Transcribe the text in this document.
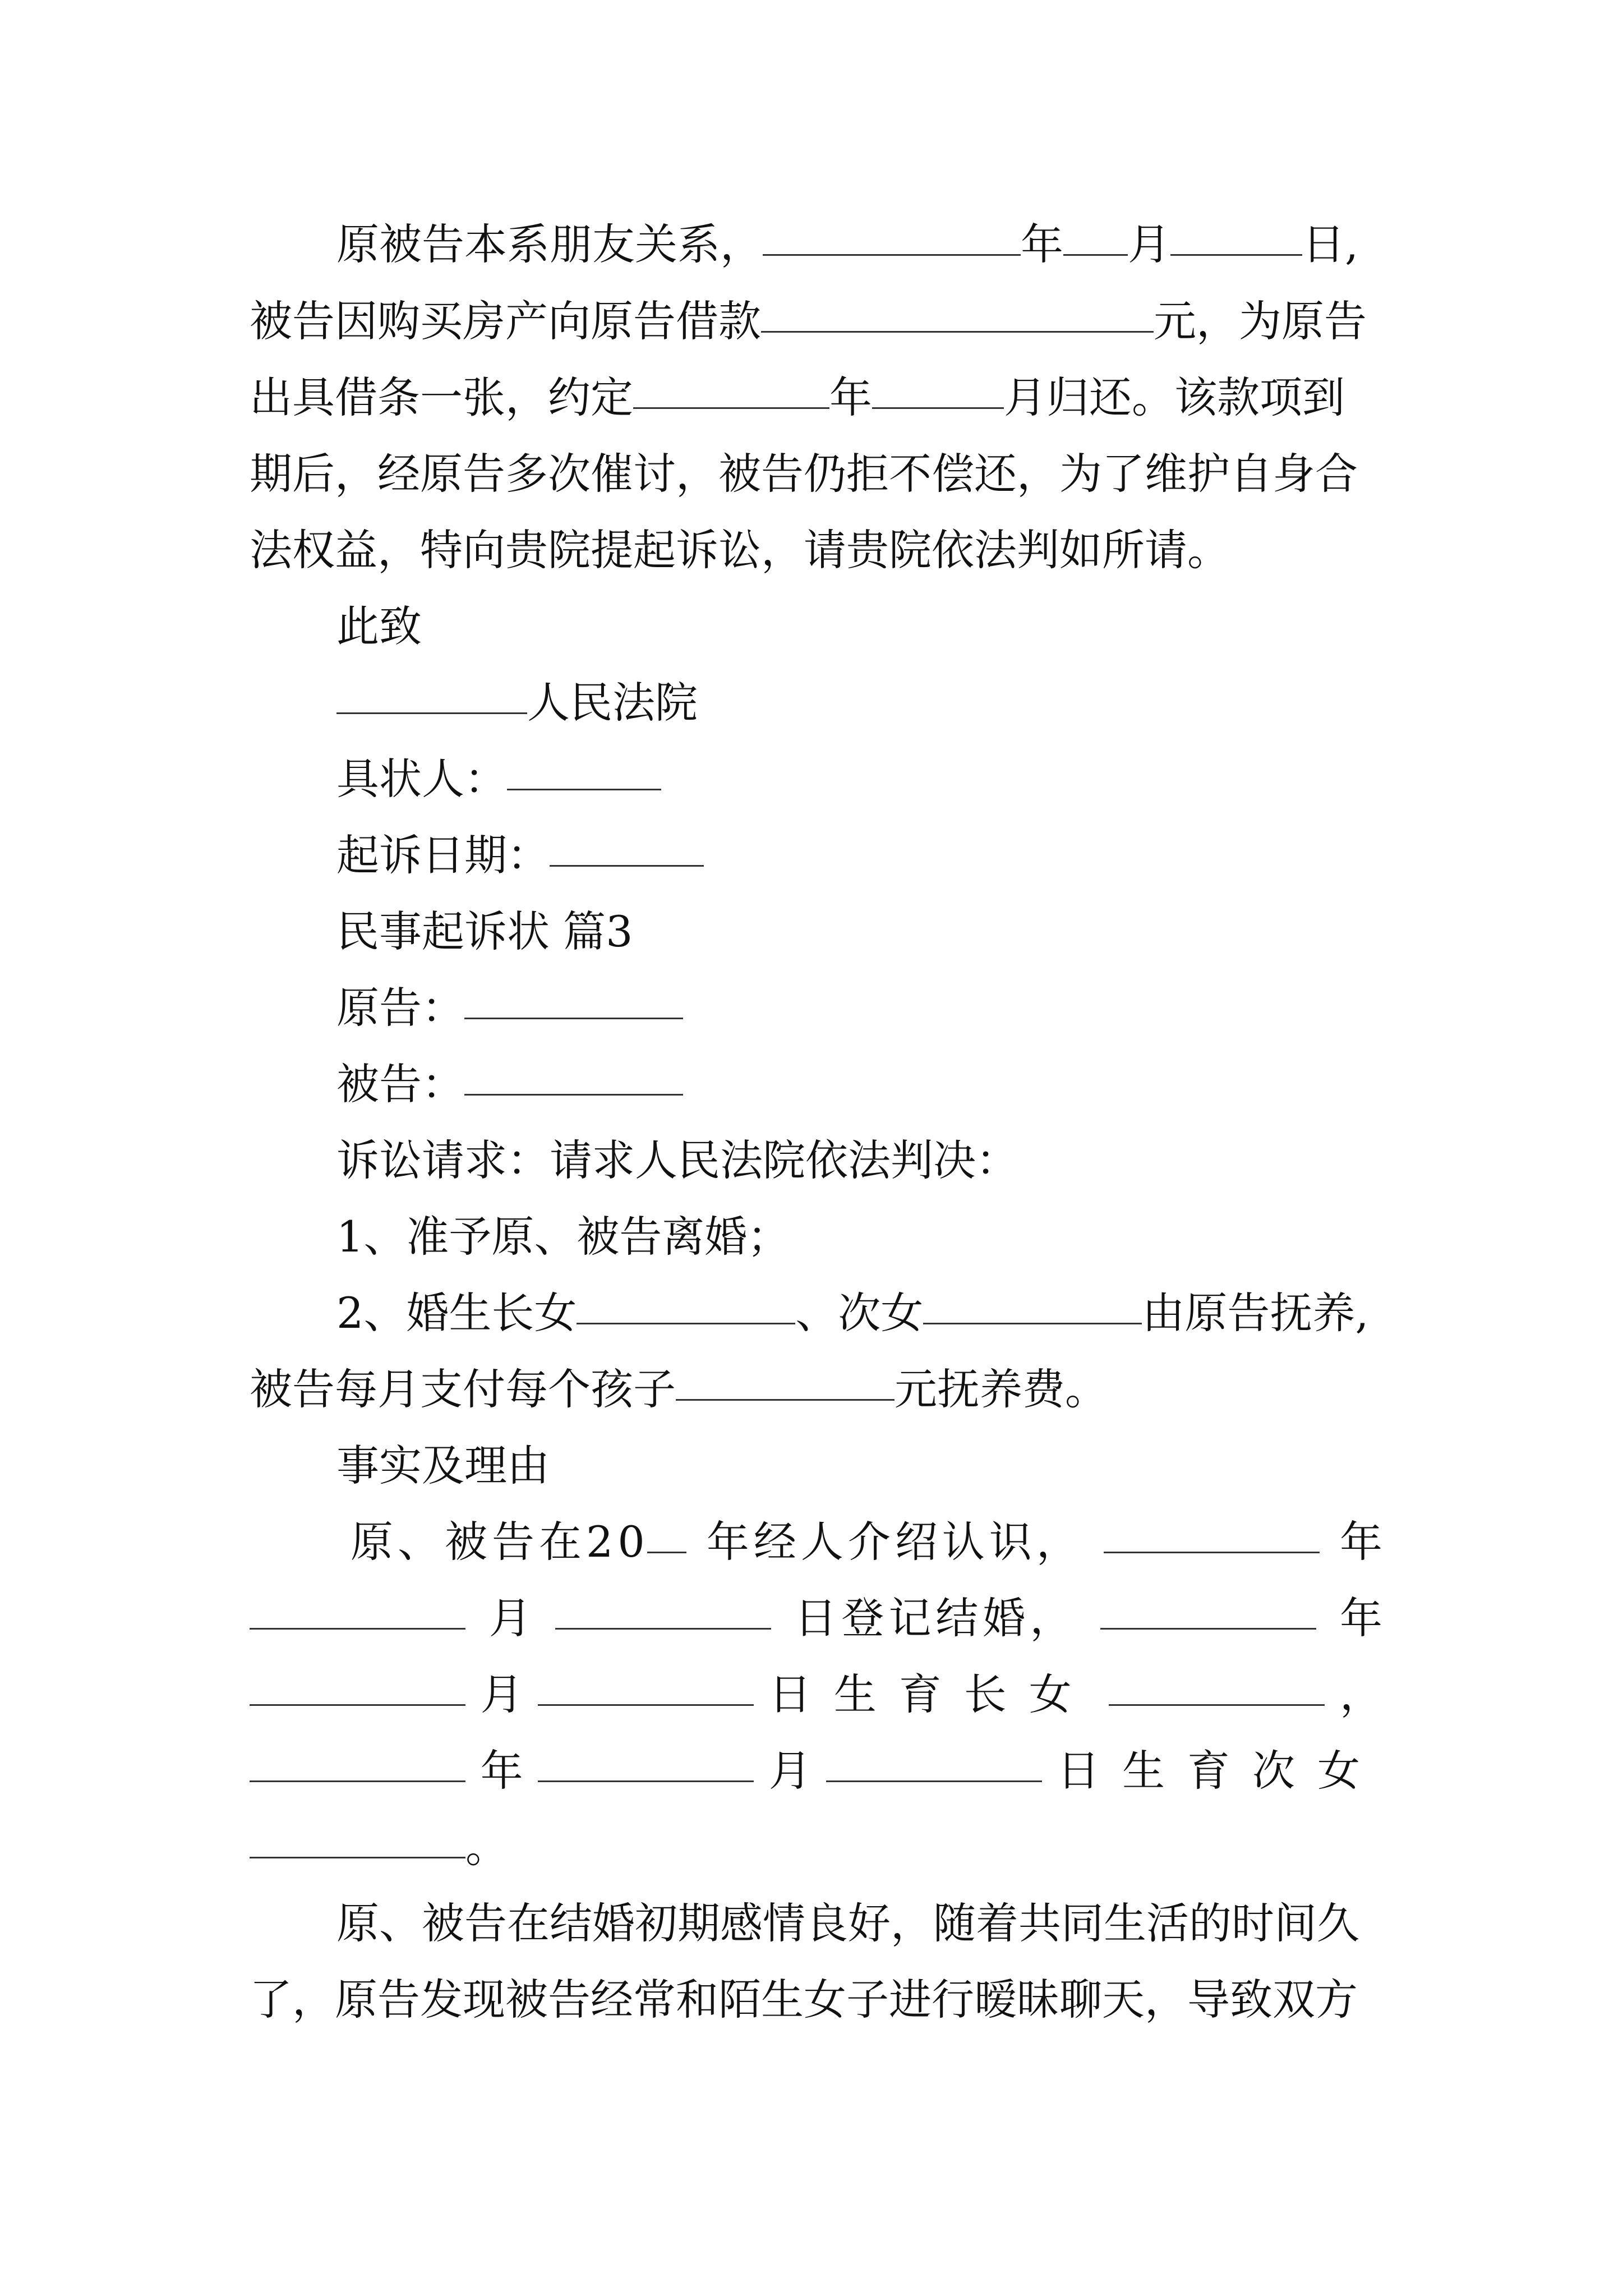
原被告本系朋友关系，	年 月	日,
被告因购买房产向原告借款	元，为原告
出具借条一张，约定	年	月归还。该款项到
期后，经原告多次催讨，被告仍拒不偿还，为了维护自身合
法权益，特向贵院提起诉讼，请贵院依法判如所请。
此致
人民法院
具状人：
起诉日期：
民事起诉状 篇3
原告：
被告：
诉讼请求：请求人民法院依法判决：
1、准予原、被告离婚；
2、婚生长女	、次女	由原告抚养,
被告每月支付每个孩子	元抚养费。
事实及理由
原、被告在20 年经人介绍认识，	年
月	日登记结婚，	年
月	日生育长女	，
年	月	日生育次女
。
原、被告在结婚初期感情良好，随着共同生活的时间久
了，原告发现被告经常和陌生女子进行暧昧聊天，导致双方
